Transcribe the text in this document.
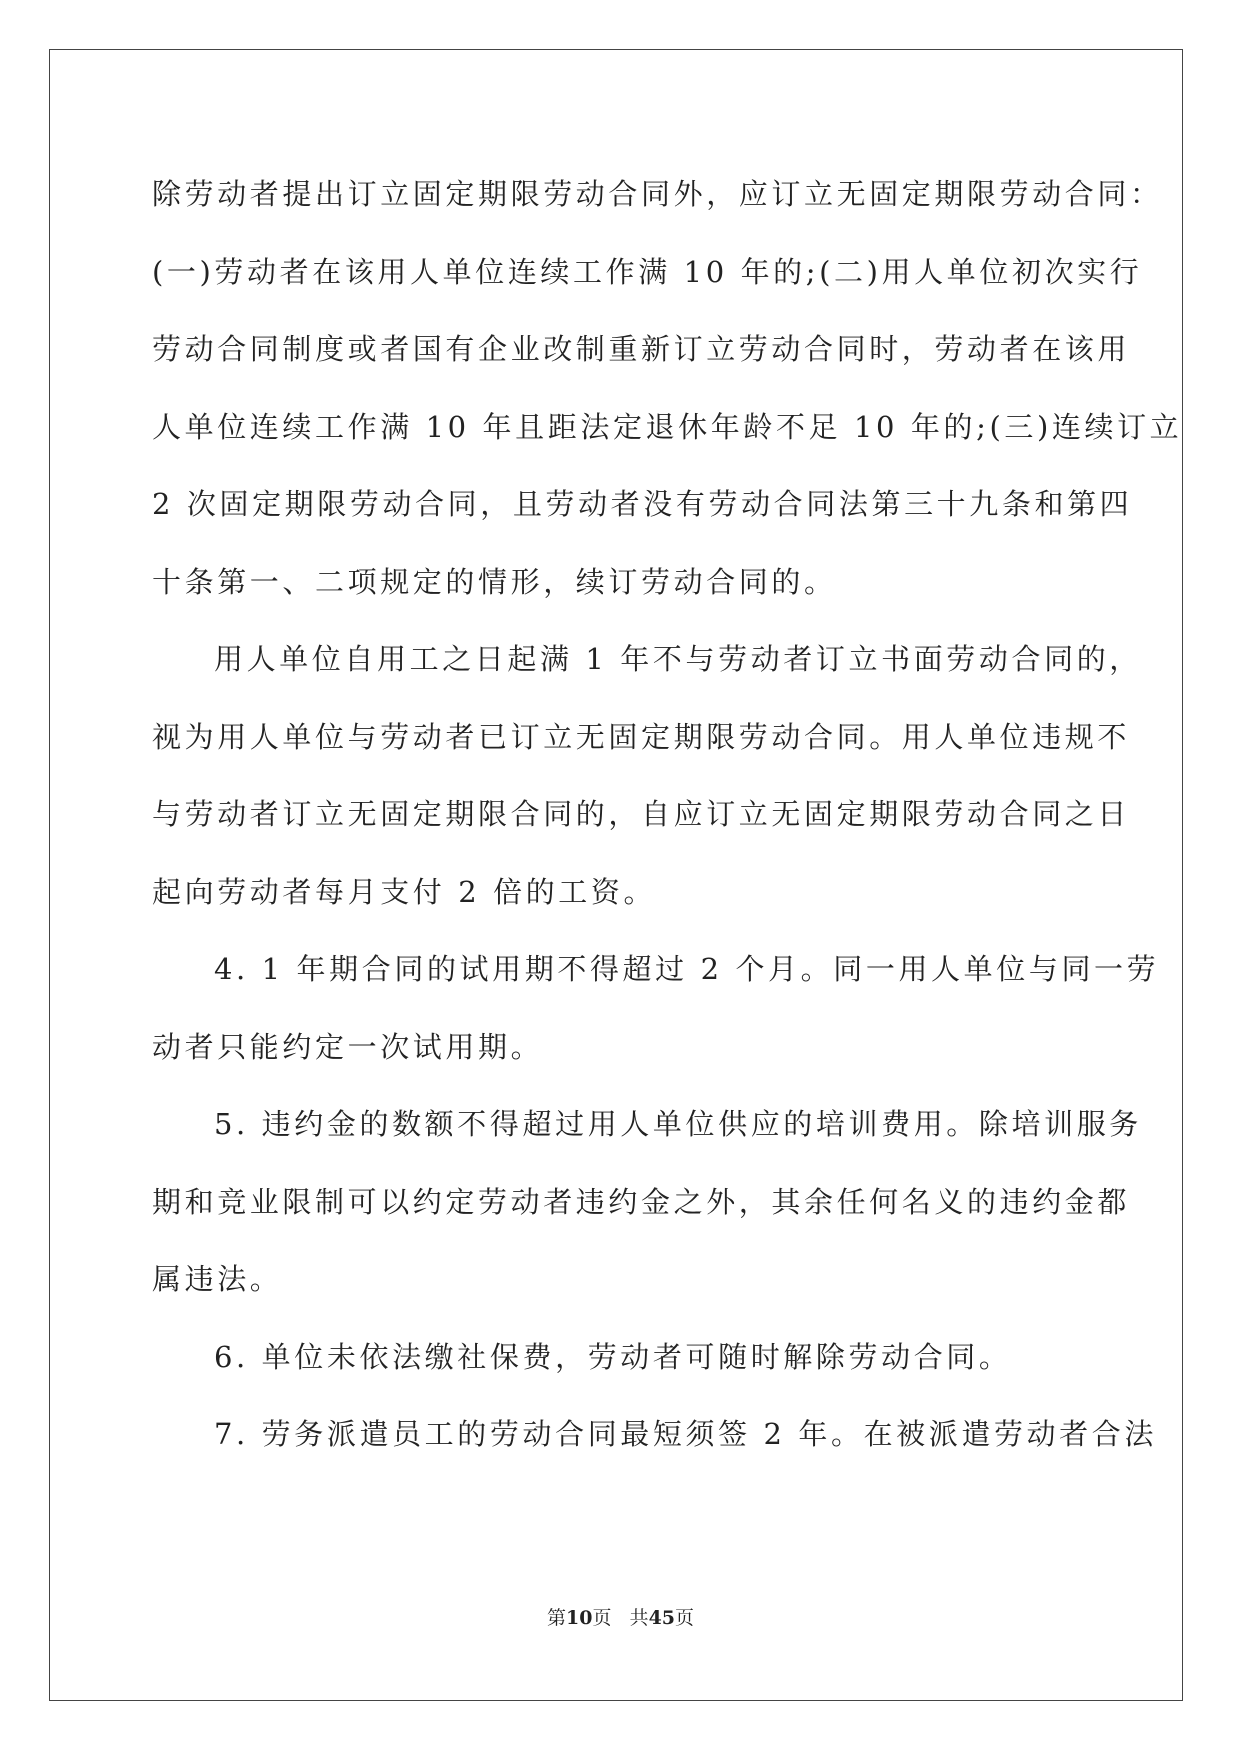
除劳动者提出订立固定期限劳动合同外，应订立无固定期限劳动合同：
(一)劳动者在该用人单位连续工作满 10 年的;(二)用人单位初次实行
劳动合同制度或者国有企业改制重新订立劳动合同时，劳动者在该用
人单位连续工作满 10 年且距法定退休年龄不足 10 年的;(三)连续订立
2 次固定期限劳动合同，且劳动者没有劳动合同法第三十九条和第四
十条第一、二项规定的情形，续订劳动合同的。
用人单位自用工之日起满 1 年不与劳动者订立书面劳动合同的，
视为用人单位与劳动者已订立无固定期限劳动合同。用人单位违规不
与劳动者订立无固定期限合同的，自应订立无固定期限劳动合同之日
起向劳动者每月支付 2 倍的工资。
4. 1 年期合同的试用期不得超过 2 个月。同一用人单位与同一劳
动者只能约定一次试用期。
5. 违约金的数额不得超过用人单位供应的培训费用。除培训服务
期和竞业限制可以约定劳动者违约金之外，其余任何名义的违约金都
属违法。
6. 单位未依法缴社保费，劳动者可随时解除劳动合同。
7. 劳务派遣员工的劳动合同最短须签 2 年。在被派遣劳动者合法
第10页   共45页
